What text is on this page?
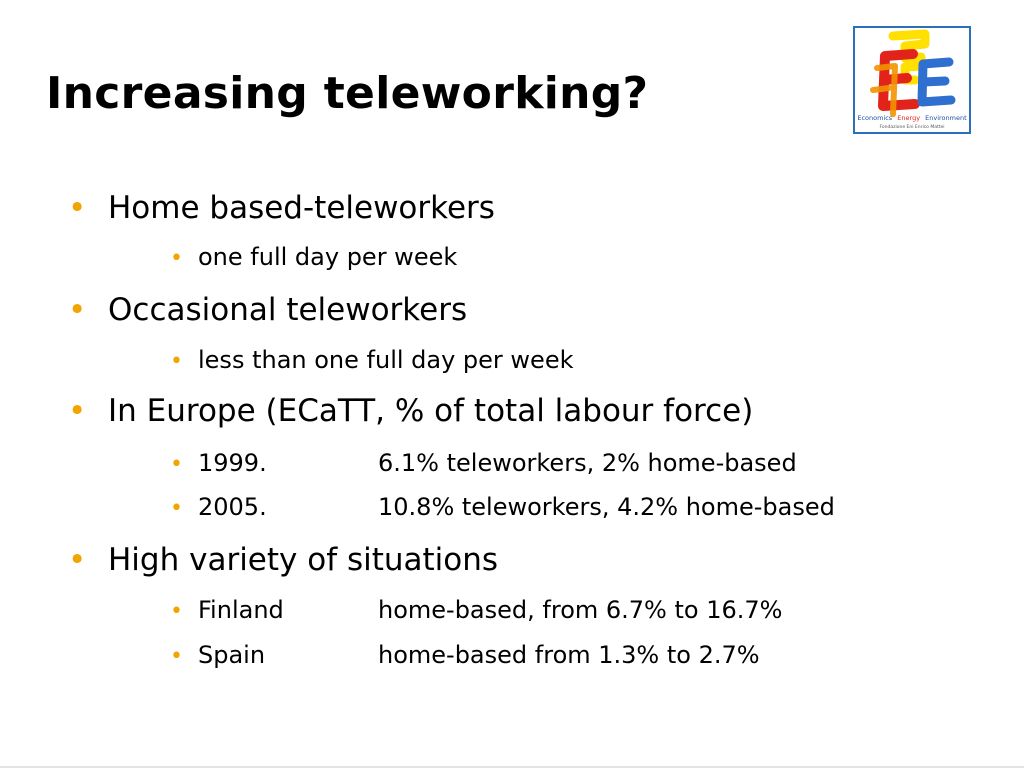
Increasing teleworking?	Economics Energy Environment
Fondazione Eni Enrico Mattei
• Home based-teleworkers
• one full day per week
• Occasional teleworkers
• less than one full day per week
• In Europe (ECaTT, % of total labour force)
• 1999.	6.1% teleworkers, 2% home-based
• 2005.	10.8% teleworkers, 4.2% home-based
• High variety of situations
• Finland	home-based, from 6.7% to 16.7%
• Spain	home-based from 1.3% to 2.7%
